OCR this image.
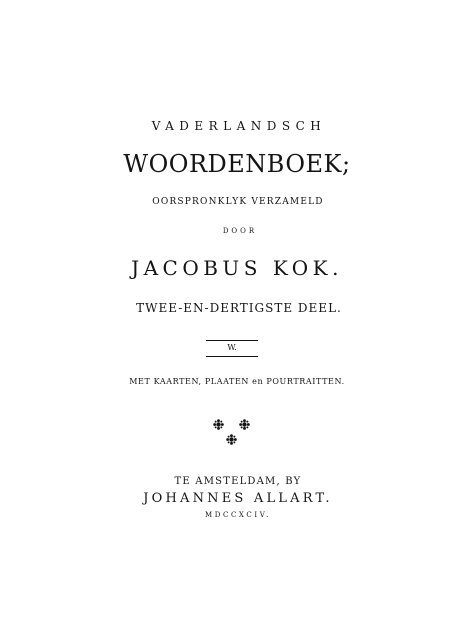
VADERLANDSCH
WOORDENBOEK;
OORSPRONKLYK VERZAMELD
DOOR
JACOBUS KOK.
TWEE-EN-DERTIGSTE DEEL.
W.
MET KAARTEN, PLAATEN en POURTRAITTEN.
TE AMSTELDAM, BY
JOHANNES ALLART.
MDCCXCIV.
